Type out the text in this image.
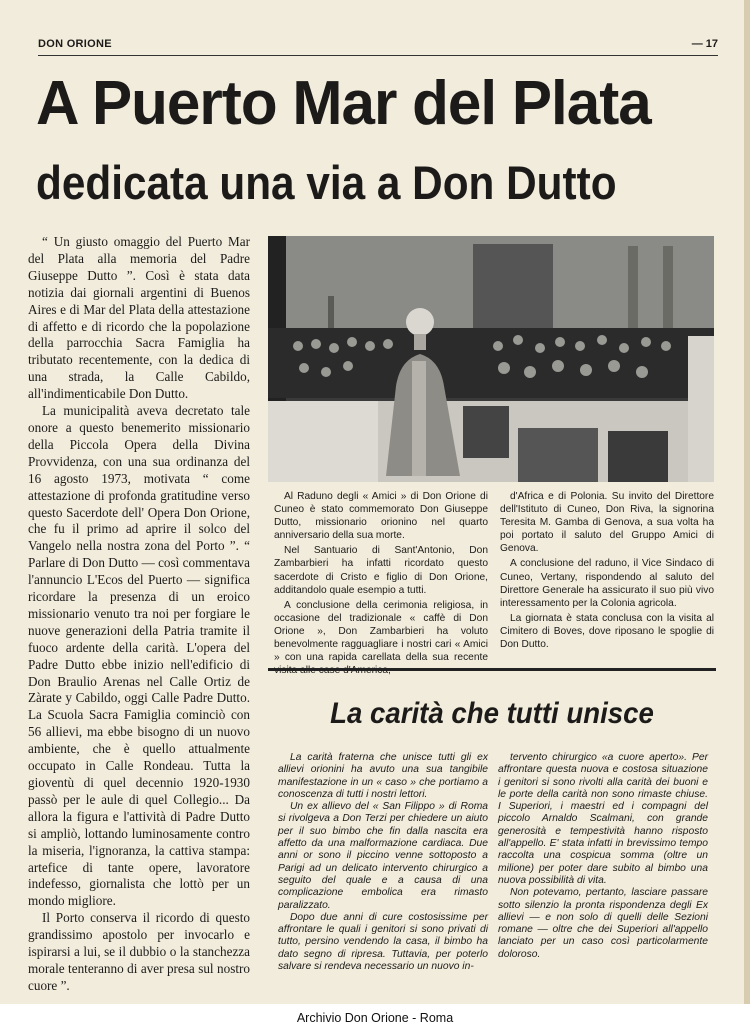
DON ORIONE	— 17
A Puerto Mar del Plata
dedicata una via a Don Dutto

“ Un giusto omaggio del Puerto Mar del Plata alla memoria del Padre Giuseppe Dutto ”. Così è stata data notizia dai giornali argentini di Buenos Aires e di Mar del Plata della attestazione di affetto e di ricordo che la popolazione della parrocchia Sacra Famiglia ha tributato recentemente, con la dedica di una strada, la Calle Cabildo, all'indimenticabile Don Dutto.

La municipalità aveva decretato tale onore a questo benemerito missionario della Piccola Opera della Divina Provvidenza, con una sua ordinanza del 16 agosto 1973, motivata “ come attestazione di profonda gratitudine verso questo Sacerdote dell' Opera Don Orione, che fu il primo ad aprire il solco del Vangelo nella nostra zona del Porto ”. “ Parlare di Don Dutto — così commentava l'annuncio L'Ecos del Puerto — significa ricordare la presenza di un eroico missionario venuto tra noi per forgiare le nuove generazioni della Patria tramite il fuoco ardente della carità. L'opera del Padre Dutto ebbe inizio nell'edificio di Don Braulio Arenas nel Calle Ortiz de Zàrate y Cabildo, oggi Calle Padre Dutto. La Scuola Sacra Famiglia cominciò con 56 allievi, ma ebbe bisogno di un nuovo ambiente, che è quello attualmente occupato in Calle Rondeau. Tutta la gioventù di quel decennio 1920-1930 passò per le aule di quel Collegio... Da allora la figura e l'attività di Padre Dutto si ampliò, lottando luminosamente contro la miseria, l'ignoranza, la cattiva stampa: artefice di tante opere, lavoratore indefesso, giornalista che lottò per un mondo migliore.

Il Porto conserva il ricordo di questo grandissimo apostolo per invocarlo e ispirarsi a lui, se il dubbio o la stanchezza morale tenteranno di aver presa sul nostro cuore ”.

Al Raduno degli « Amici » di Don Orione di Cuneo è stato commemorato Don Giuseppe Dutto, missionario orionino nel quarto anniversario della sua morte.

Nel Santuario di Sant'Antonio, Don Zambarbieri ha infatti ricordato questo sacerdote di Cristo e figlio di Don Orione, additandolo quale esempio a tutti.

A conclusione della cerimonia religiosa, in occasione del tradizionale « caffè di Don Orione », Don Zambarbieri ha voluto benevolmente ragguagliare i nostri cari « Amici » con una rapida carellata della sua recente

d'Africa e di Polonia. Su invito del Direttore dell'Istituto di Cuneo, Don Riva, la signorina Teresita M. Gamba di Genova, a sua volta ha poi portato il saluto del Gruppo Amici di Genova.

A conclusione del raduno, il Vice Sindaco di Cuneo, Vertany, rispondendo al saluto del Direttore Generale ha assicurato il suo più vivo interessamento per la Colonia agricola.

La giornata è stata conclusa con la visita al Cimitero di Boves, dove riposano le spoglie di Don Dutto.

La carità che tutti unisce

La carità fraterna che unisce tutti gli ex allievi orionini ha avuto una sua tangibile manifestazione in un « caso » che portiamo a conoscenza di tutti i nostri lettori.

Un ex allievo del « San Filippo » di Roma si rivolgeva a Don Terzi per chiedere un aiuto per il suo bimbo che fin dalla nascita era affetto da una malformazione cardiaca. Due anni or sono il piccino venne sottoposto a Parigi ad un delicato intervento chirurgico a seguito del quale e a causa di una complicazione embolica era rimasto paralizzato.

Dopo due anni di cure costosissime per affrontare le quali i genitori si sono privati di tutto, persino vendendo la casa, il bimbo ha dato segno di ripresa. Tuttavia, per poterlo salvare si rendeva necessario un nuovo in-

tervento chirurgico «a cuore aperto». Per affrontare questa nuova e costosa situazione i genitori si sono rivolti alla carità dei buoni e le porte della carità non sono rimaste chiuse. I Superiori, i maestri ed i compagni del piccolo Arnaldo Scalmani, con grande generosità e tempestività hanno risposto all'appello. E' stata infatti in brevissimo tempo raccolta una cospicua somma (oltre un milione) per poter dare subito al bimbo una nuova possibilità di vita.

Non potevamo, pertanto, lasciare passare sotto silenzio la pronta rispondenza degli Ex allievi — e non solo di quelli delle Sezioni romane — oltre che dei Superiori all'appello lanciato per un caso così particolarmente doloroso.

Archivio Don Orione - Roma
